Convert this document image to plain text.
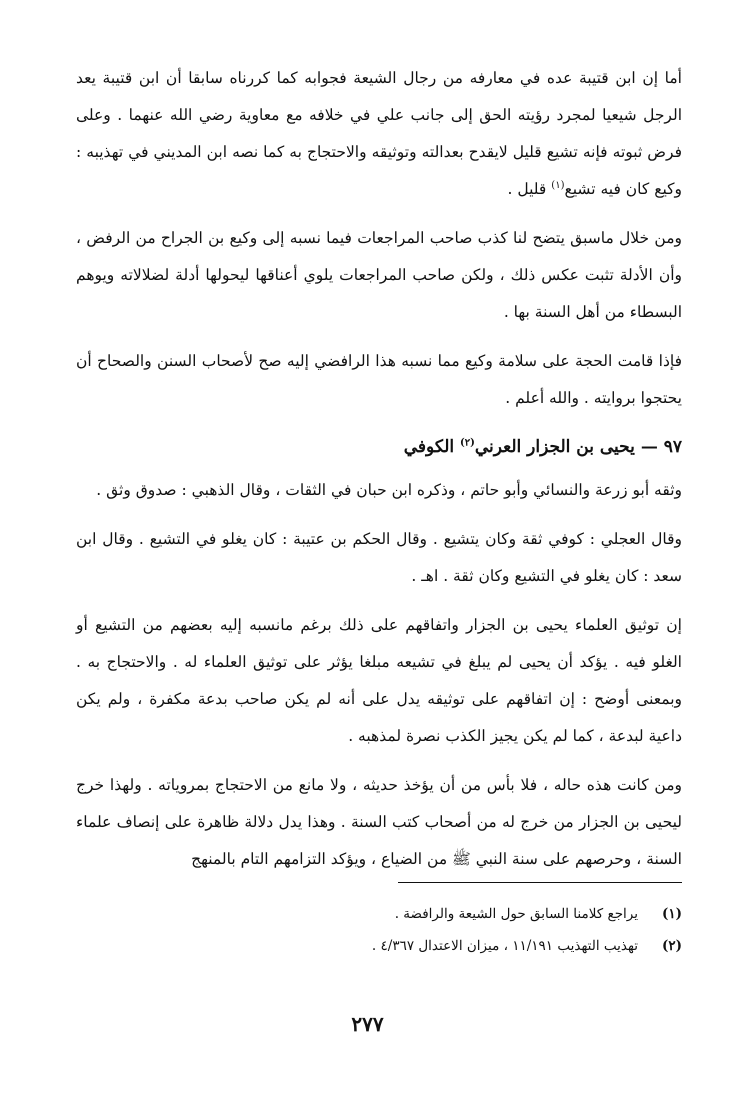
أما إن ابن قتيبة عده في معارفه من رجال الشيعة فجوابه كما كررناه سابقا أن ابن قتيبة يعد الرجل شيعيا لمجرد رؤيته الحق إلى جانب علي في خلافه مع معاوية رضي الله عنهما . وعلى فرض ثبوته فإنه تشيع قليل لايقدح بعدالته وتوثيقه والاحتجاج به كما نصه ابن المديني في تهذيبه : وكيع كان فيه تشيع$^{(١)}$ قليل .

ومن خلال ماسبق يتضح لنا كذب صاحب المراجعات فيما نسبه إلى وكيع بن الجراح من الرفض ، وأن الأدلة تثبت عكس ذلك ، ولكن صاحب المراجعات يلوي أعناقها ليحولها أدلة لضلالاته ويوهم البسطاء من أهل السنة بها .

فإذا قامت الحجة على سلامة وكيع مما نسبه هذا الرافضي إليه صح لأصحاب السنن والصحاح أن يحتجوا بروايته . والله أعلم .

٩٧ — يحيى بن الجزار العرني$^{(٢)}$ الكوفي

وثقه أبو زرعة والنسائي وأبو حاتم ، وذكره ابن حبان في الثقات ، وقال الذهبي : صدوق وثق .

وقال العجلي : كوفي ثقة وكان يتشيع . وقال الحكم بن عتيبة : كان يغلو في التشيع . وقال ابن سعد : كان يغلو في التشيع وكان ثقة . اهـ .

إن توثيق العلماء يحيى بن الجزار واتفاقهم على ذلك برغم مانسبه إليه بعضهم من التشيع أو الغلو فيه . يؤكد أن يحيى لم يبلغ في تشيعه مبلغا يؤثر على توثيق العلماء له . والاحتجاج به . وبمعنى أوضح : إن اتفاقهم على توثيقه يدل على أنه لم يكن صاحب بدعة مكفرة ، ولم يكن داعية لبدعة ، كما لم يكن يجيز الكذب نصرة لمذهبه .

ومن كانت هذه حاله ، فلا بأس من أن يؤخذ حديثه ، ولا مانع من الاحتجاج بمروياته . ولهذا خرج ليحيى بن الجزار من خرج له من أصحاب كتب السنة . وهذا يدل دلالة ظاهرة على إنصاف علماء السنة ، وحرصهم على سنة النبي ﷺ من الضياع ، ويؤكد التزامهم التام بالمنهج

(١)
يراجع كلامنا السابق حول الشيعة والرافضة .
(٢)
تهذيب التهذيب ١١/١٩١ ، ميزان الاعتدال ٤/٣٦٧ .
٢٧٧
